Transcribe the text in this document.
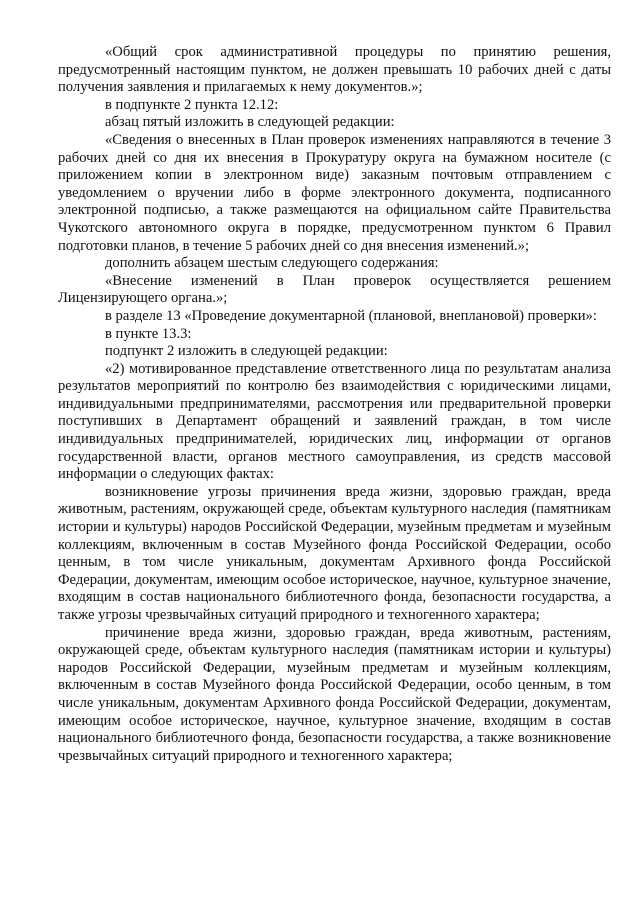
«Общий срок административной процедуры по принятию решения, предусмотренный настоящим пунктом, не должен превышать 10 рабочих дней с даты получения заявления и прилагаемых к нему документов.»;

в подпункте 2 пункта 12.12:

абзац пятый изложить в следующей редакции:

«Сведения о внесенных в План проверок изменениях направляются в течение 3 рабочих дней со дня их внесения в Прокуратуру округа на бумажном носителе (с приложением копии в электронном виде) заказным почтовым отправлением с уведомлением о вручении либо в форме электронного документа, подписанного электронной подписью, а также размещаются на официальном сайте Правительства Чукотского автономного округа в порядке, предусмотренном пунктом 6 Правил подготовки планов, в течение 5 рабочих дней со дня внесения изменений.»;

дополнить абзацем шестым следующего содержания:

«Внесение изменений в План проверок осуществляется решением Лицензирующего органа.»;

в разделе 13 «Проведение документарной (плановой, внеплановой) проверки»:

в пункте 13.3:

подпункт 2 изложить в следующей редакции:

«2) мотивированное представление ответственного лица по результатам анализа результатов мероприятий по контролю без взаимодействия с юридическими лицами, индивидуальными предпринимателями, рассмотрения или предварительной проверки поступивших в Департамент обращений и заявлений граждан, в том числе индивидуальных предпринимателей, юридических лиц, информации от органов государственной власти, органов местного самоуправления, из средств массовой информации о следующих фактах:

возникновение угрозы причинения вреда жизни, здоровью граждан, вреда животным, растениям, окружающей среде, объектам культурного наследия (памятникам истории и культуры) народов Российской Федерации, музейным предметам и музейным коллекциям, включенным в состав Музейного фонда Российской Федерации, особо ценным, в том числе уникальным, документам Архивного фонда Российской Федерации, документам, имеющим особое историческое, научное, культурное значение, входящим в состав национального библиотечного фонда, безопасности государства, а также угрозы чрезвычайных ситуаций природного и техногенного характера;

причинение вреда жизни, здоровью граждан, вреда животным, растениям, окружающей среде, объектам культурного наследия (памятникам истории и культуры) народов Российской Федерации, музейным предметам и музейным коллекциям, включенным в состав Музейного фонда Российской Федерации, особо ценным, в том числе уникальным, документам Архивного фонда Российской Федерации, документам, имеющим особое историческое, научное, культурное значение, входящим в состав национального библиотечного фонда, безопасности государства, а также возникновение чрезвычайных ситуаций природного и техногенного характера;
